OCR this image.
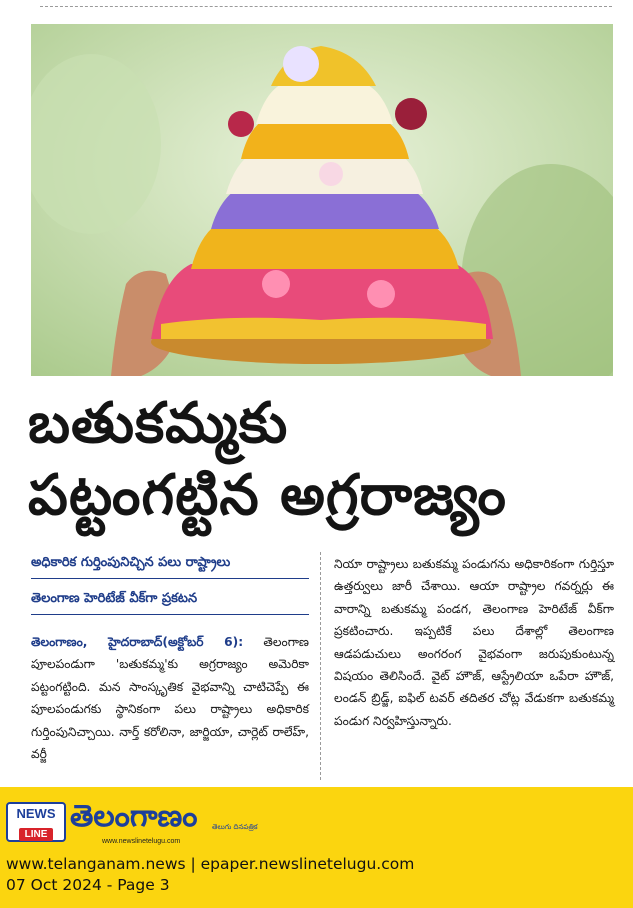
బతుకమ్మకు
పట్టంగట్టిన అగ్రరాజ్యం
అధికారిక గుర్తింపునిచ్చిన పలు రాష్ట్రాలు
తెలంగాణ హెరిటేజ్ వీక్‌గా ప్రకటన
తెలంగాణం, హైదరాబాద్(అక్టోబర్ 6): తెలంగాణ పూలపండుగా 'బతుకమ్మ'కు అగ్రరాజ్యం అమెరికా పట్టంగట్టింది. మన సాంస్కృతిక వైభవాన్ని చాటిచెప్పే ఈ పూలపండుగకు స్థానికంగా పలు రాష్ట్రాలు అధికారిక గుర్తింపునిచ్చాయి. నార్త్ కరోలినా, జార్జియా, చార్లెట్ రాలేహ్, వర్జీ
నియా రాష్ట్రాలు బతుకమ్మ పండుగను అధికారికంగా గుర్తిస్తూ ఉత్తర్వులు జారీ చేశాయి. ఆయా రాష్ట్రాల గవర్నర్లు ఈ వారాన్ని బతుకమ్మ పండగ, తెలంగాణ హెరిటేజ్ వీక్‌గా ప్రకటించారు. ఇప్పటికే పలు దేశాల్లో తెలంగాణ ఆడపడుచులు అంగరంగ వైభవంగా జరుపుకుంటున్న విషయం తెలిసిందే. వైట్ హౌజ్, ఆస్ట్రేలియా ఒపేరా హౌజ్, లండన్ బ్రిడ్జ్, ఐఫిల్ టవర్ తదితర చోట్ల వేడుకగా బతుకమ్మ పండుగ నిర్వహిస్తున్నారు.
NEWS
LINE
తెలంగాణం తెలుగు దినపత్రిక
www.newslinetelugu.com
www.telanganam.news | epaper.newslinetelugu.com
07 Oct 2024 - Page 3
